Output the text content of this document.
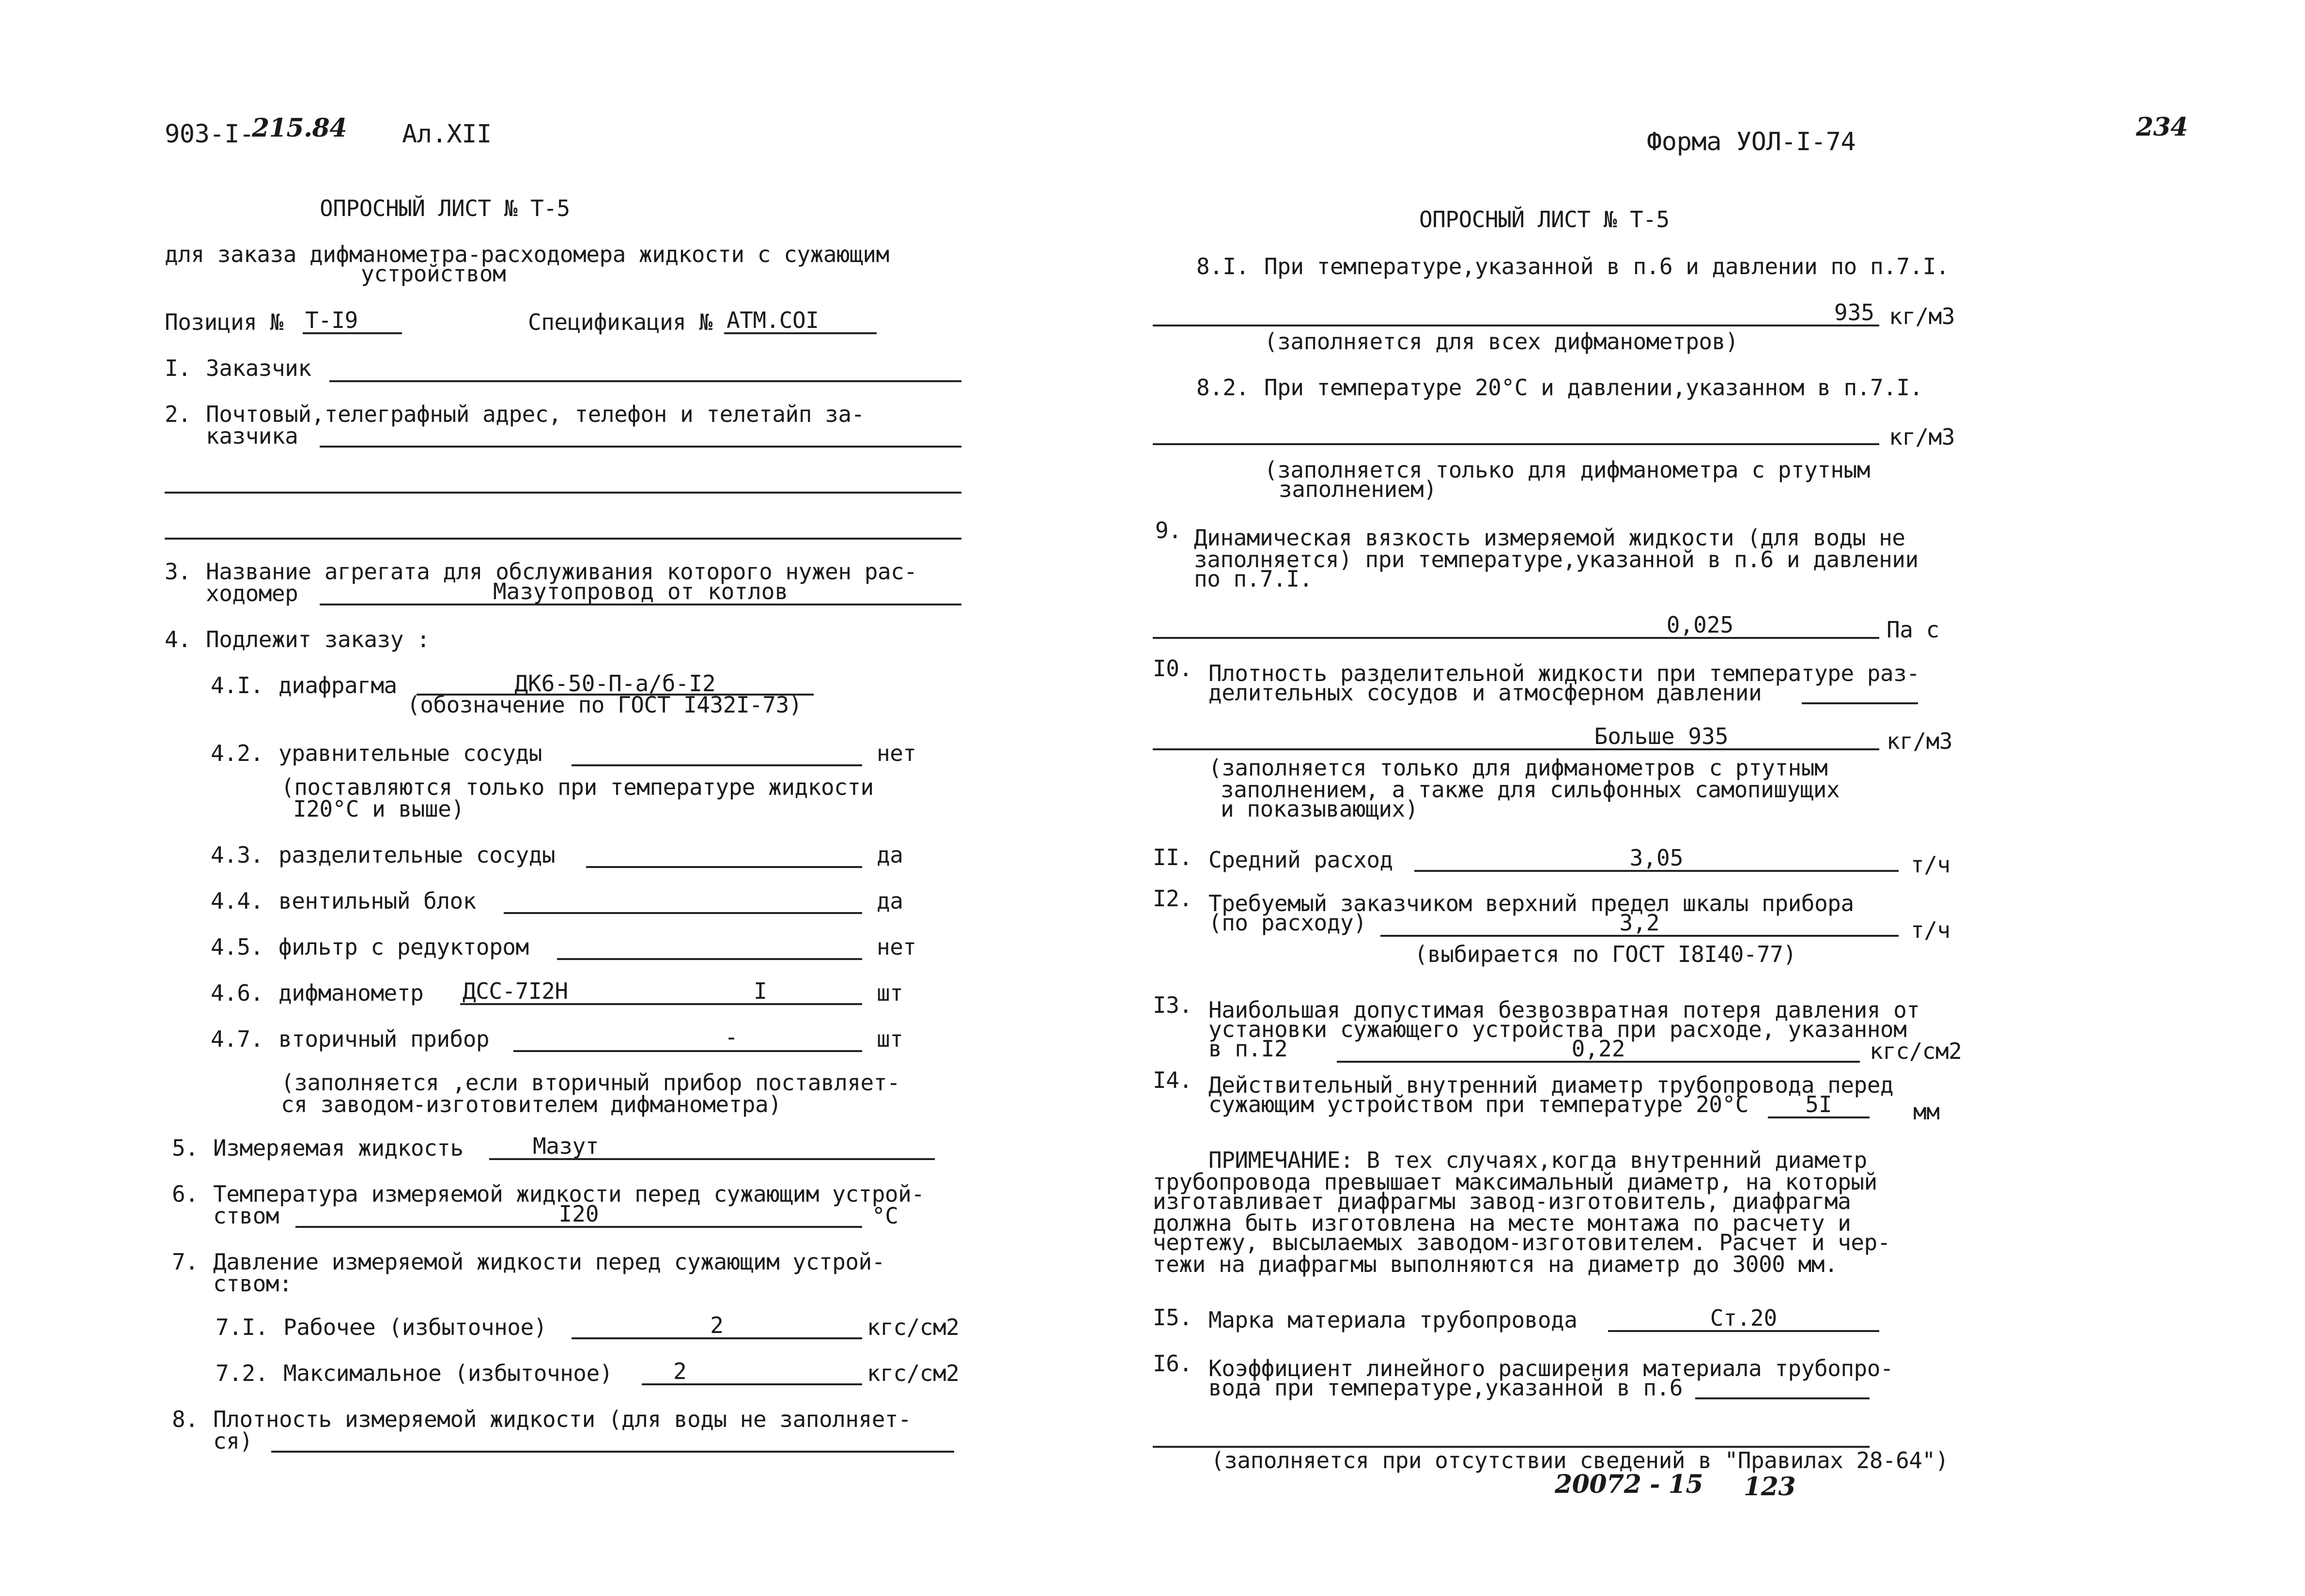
903-I-
215.84 Ал.XII
ОПРОСНЫЙ ЛИСТ № Т-5
для заказа дифманометра-расходомера жидкости с сужающим
устройством
Позиция № Т-I9	Спецификация № АТМ.СОI
I. Заказчик
2. Почтовый,телеграфный адрес, телефон и телетайп за-
казчика
3. Название агрегата для обслуживания которого нужен рас-
ходомер	Мазутопровод от котлов
4. Подлежит заказу :
4.I. диафрагма	ДК6-50-П-а/б-I2
(обозначение по ГОСТ I432I-73)
4.2. уравнительные сосуды	нет
(поставляются только при температуре жидкости
I20°С и выше)
4.3. разделительные сосуды	да
4.4. вентильный блок	да
4.5. фильтр с редуктором	нет
4.6. дифманометр ДСС-7I2Н	I	шт
4.7. вторичный прибор	-	шт
(заполняется ,если вторичный прибор поставляет-
ся заводом-изготовителем дифманометра)
5. Измеряемая жидкость	Мазут
6. Температура измеряемой жидкости перед сужающим устрой-
ством	I20	°С
7. Давление измеряемой жидкости перед сужающим устрой-
ством:
7.I. Рабочее (избыточное)	2	кгс/см2
7.2. Максимальное (избыточное)	2	кгс/см2
8. Плотность измеряемой жидкости (для воды не заполняет-
ся)
Форма УОЛ-I-74	234
ОПРОСНЫЙ ЛИСТ № Т-5
8.I. При температуре,указанной в п.6 и давлении по п.7.I.
935 кг/м3
(заполняется для всех дифманометров)
8.2. При температуре 20°С и давлении,указанном в п.7.I.
кг/м3
(заполняется только для дифманометра с ртутным
заполнением)
9. Динамическая вязкость измеряемой жидкости (для воды не
заполняется) при температуре,указанной в п.6 и давлении
по п.7.I.
0,025	Па с
I0. Плотность разделительной жидкости при температуре раз-
делительных сосудов и атмосферном давлении
Больше 935	кг/м3
(заполняется только для дифманометров с ртутным
заполнением, а также для сильфонных самопишущих
и показывающих)
II. Средний расход	3,05	т/ч
I2. Требуемый заказчиком верхний предел шкалы прибора
(по расходу)	3,2	т/ч
(выбирается по ГОСТ I8I40-77)
I3. Наибольшая допустимая безвозвратная потеря давления от
установки сужающего устройства при расходе, указанном
в п.I2	0,22	кгс/см2
I4. Действительный внутренний диаметр трубопровода перед
сужающим устройством при температуре 20°С	5I	мм
ПРИМЕЧАНИЕ: В тех случаях,когда внутренний диаметр
трубопровода превышает максимальный диаметр, на который
изготавливает диафрагмы завод-изготовитель, диафрагма
должна быть изготовлена на месте монтажа по расчету и
чертежу, высылаемых заводом-изготовителем. Расчет и чер-
тежи на диафрагмы выполняются на диаметр до 3000 мм.
I5. Марка материала трубопровода	Ст.20
I6. Коэффициент линейного расширения материала трубопро-
вода при температуре,указанной в п.6
(заполняется при отсутствии сведений в "Правилах 28-64")
20072 - 15 123
